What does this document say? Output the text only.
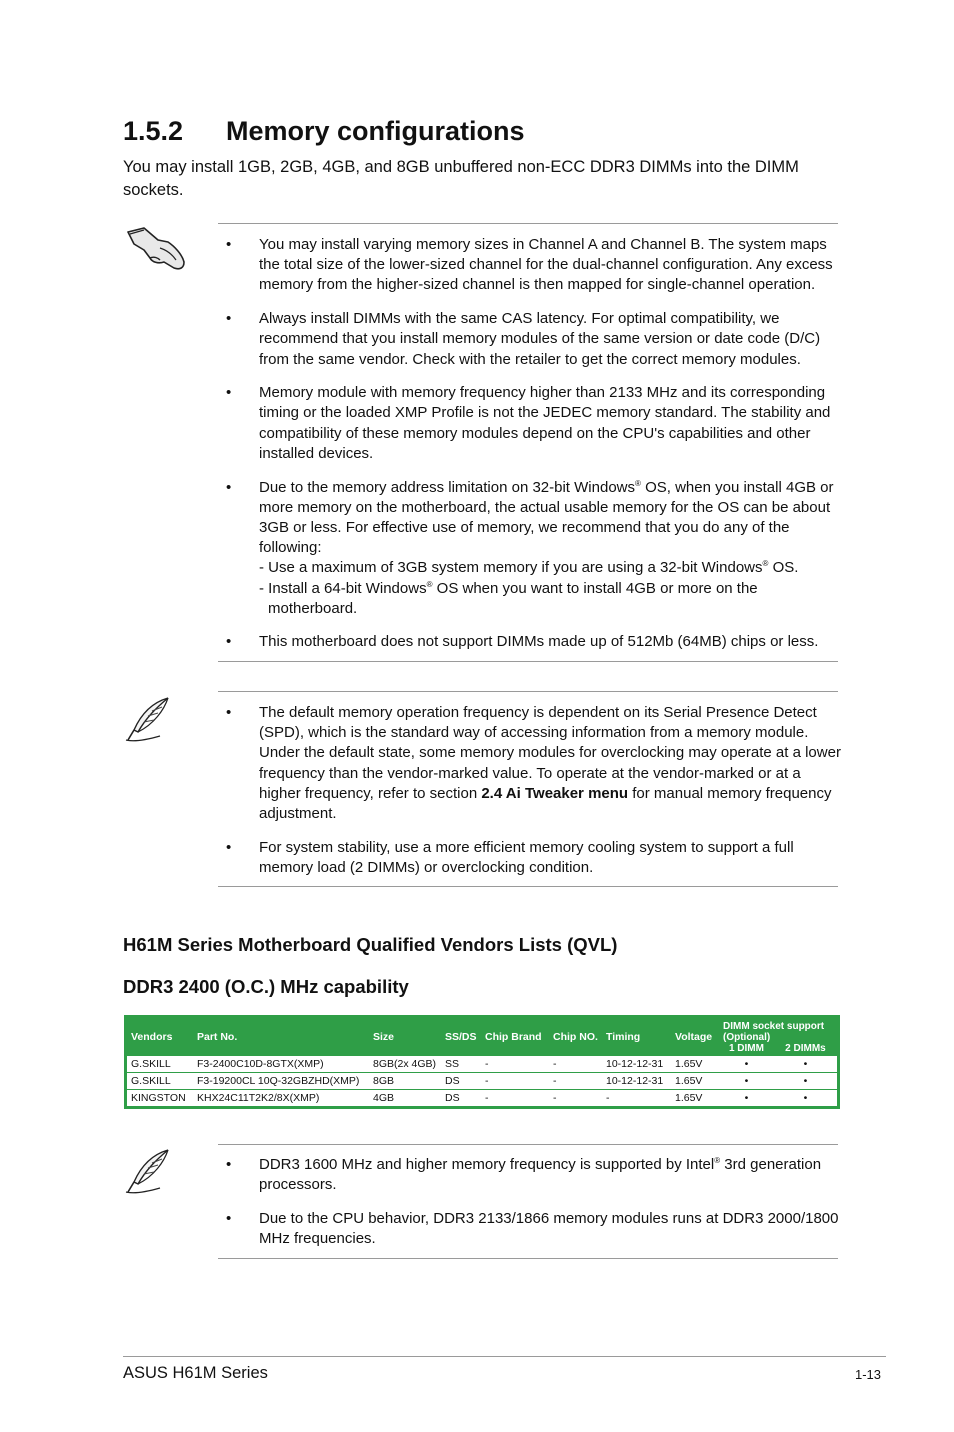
1.5.2 Memory configurations
You may install 1GB, 2GB, 4GB, and 8GB unbuffered non-ECC DDR3 DIMMs into the DIMM sockets.
•	You may install varying memory sizes in Channel A and Channel B. The system maps the total size of the lower-sized channel for the dual-channel configuration. Any excess memory from the higher-sized channel is then mapped for single-channel operation.
•	Always install DIMMs with the same CAS latency. For optimal compatibility, we recommend that you install memory modules of the same version or date code (D/C) from the same vendor. Check with the retailer to get the correct memory modules.
•	Memory module with memory frequency higher than 2133 MHz and its corresponding timing or the loaded XMP Profile is not the JEDEC memory standard. The stability and compatibility of these memory modules depend on the CPU's capabilities and other installed devices.
•	Due to the memory address limitation on 32-bit Windows® OS, when you install 4GB or more memory on the motherboard, the actual usable memory for the OS can be about 3GB or less. For effective use of memory, we recommend that you do any of the following:
- Use a maximum of 3GB system memory if you are using a 32-bit Windows® OS.
- Install a 64-bit Windows® OS when you want to install 4GB or more on the
motherboard.
•	This motherboard does not support DIMMs made up of 512Mb (64MB) chips or less.
•	The default memory operation frequency is dependent on its Serial Presence Detect (SPD), which is the standard way of accessing information from a memory module. Under the default state, some memory modules for overclocking may operate at a lower frequency than the vendor-marked value. To operate at the vendor-marked or at a higher frequency, refer to section 2.4 Ai Tweaker menu for manual memory frequency adjustment.
•	For system stability, use a more efficient memory cooling system to support a full memory load (2 DIMMs) or overclocking condition.
H61M Series Motherboard Qualified Vendors Lists (QVL)
DDR3 2400 (O.C.) MHz capability
Vendors	Part No.	Size	SS/DS	Chip Brand	Chip NO.	Timing	Voltage	DIMM socket support (Optional)	
								1 DIMM	2 DIMMs
G.SKILL	F3-2400C10D-8GTX(XMP)	8GB(2x 4GB)	SS	-	-	10-12-12-31	1.65V	•	•
G.SKILL	F3-19200CL 10Q-32GBZHD(XMP)	8GB	DS	-	-	10-12-12-31	1.65V	•	•
KINGSTON	KHX24C11T2K2/8X(XMP)	4GB	DS	-	-	-	1.65V	•	•
•	DDR3 1600 MHz and higher memory frequency is supported by Intel® 3rd generation processors.
•	Due to the CPU behavior, DDR3 2133/1866 memory modules runs at DDR3 2000/1800 MHz frequencies.
ASUS H61M Series	1-13
